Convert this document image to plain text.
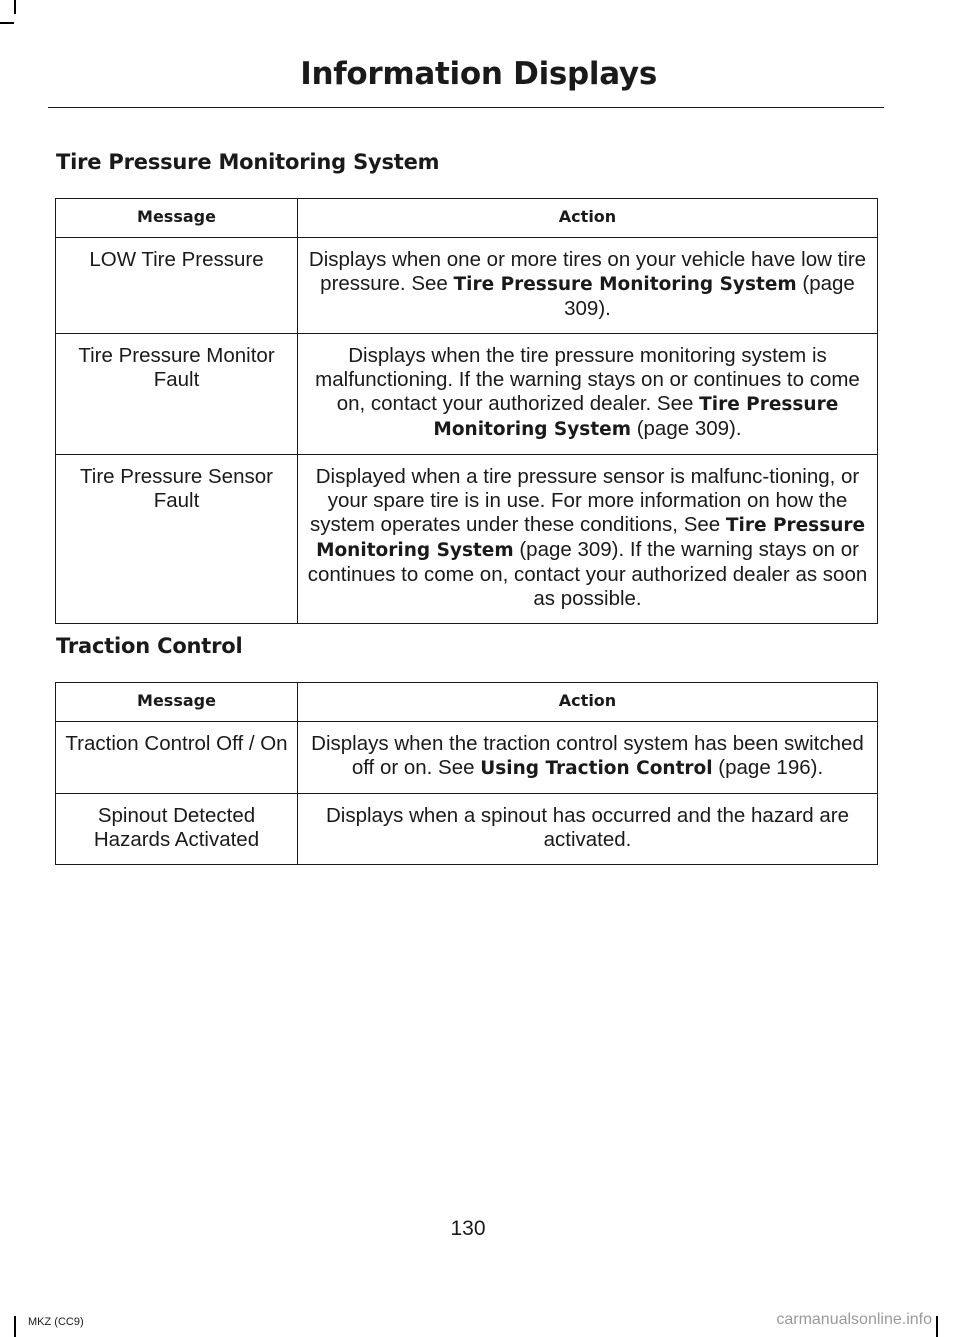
Information Displays
Tire Pressure Monitoring System
Message	Action
LOW Tire Pressure	Displays when one or more tires on your vehicle have low tire pressure. See Tire Pressure Monitoring System (page 309).
Tire Pressure Monitor Fault	Displays when the tire pressure monitoring system is malfunctioning. If the warning stays on or continues to come on, contact your authorized dealer. See Tire Pressure Monitoring System (page 309).
Tire Pressure Sensor Fault	Displayed when a tire pressure sensor is malfunc-tioning, or your spare tire is in use. For more information on how the system operates under these conditions, See Tire Pressure Monitoring System (page 309). If the warning stays on or continues to come on, contact your authorized dealer as soon as possible.
Traction Control
Message	Action
Traction Control Off / On	Displays when the traction control system has been switched off or on. See Using Traction Control (page 196).
Spinout Detected Hazards Activated	Displays when a spinout has occurred and the hazard are activated.
130
MKZ (CC9)	carmanualsonline.info
